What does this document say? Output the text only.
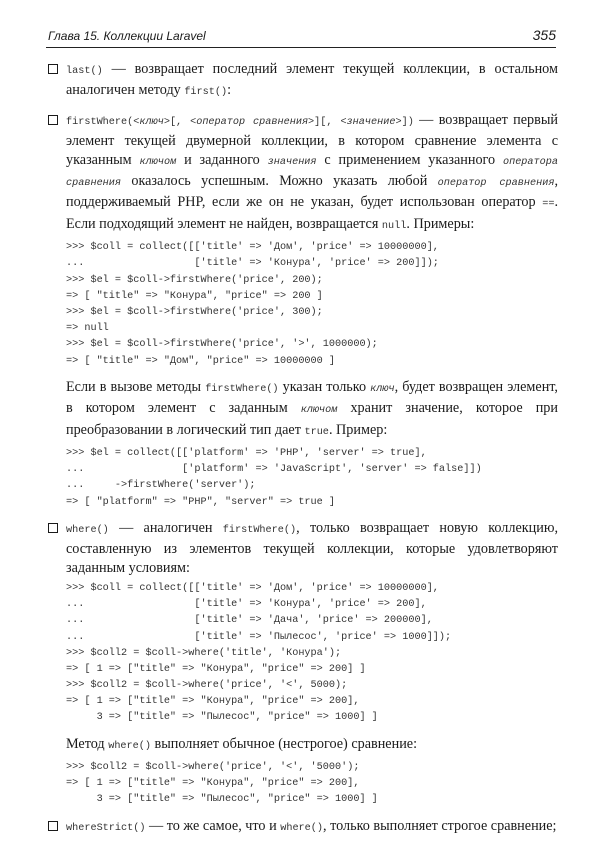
Глава 15. Коллекции Laravel	355
last() — возвращает последний элемент текущей коллекции, в остальном аналогичен методу first():
firstWhere(<ключ>[, <оператор сравнения>][, <значение>]) — возвращает первый элемент текущей двумерной коллекции, в котором сравнение элемента с указанным ключом и заданного значения с применением указанного оператора сравнения оказалось успешным. Можно указать любой оператор сравнения, поддерживаемый PHP, если же он не указан, будет использован оператор ==. Если подходящий элемент не найден, возвращается null. Примеры:
>>> $coll = collect([['title' => 'Дом', 'price' => 10000000],
...                  ['title' => 'Конура', 'price' => 200]]);
>>> $el = $coll->firstWhere('price', 200);
=> [ "title" => "Конура", "price" => 200 ]
>>> $el = $coll->firstWhere('price', 300);
=> null
>>> $el = $coll->firstWhere('price', '>', 1000000);
=> [ "title" => "Дом", "price" => 10000000 ]
Если в вызове методы firstWhere() указан только ключ, будет возвращен элемент, в котором элемент с заданным ключом хранит значение, которое при преобразовании в логический тип дает true. Пример:
>>> $el = collect([['platform' => 'PHP', 'server' => true],
...                ['platform' => 'JavaScript', 'server' => false]])
...     ->firstWhere('server');
=> [ "platform" => "PHP", "server" => true ]
where() — аналогичен firstWhere(), только возвращает новую коллекцию, составленную из элементов текущей коллекции, которые удовлетворяют заданным условиям:
>>> $coll = collect([['title' => 'Дом', 'price' => 10000000],
...                  ['title' => 'Конура', 'price' => 200],
...                  ['title' => 'Дача', 'price' => 200000],
...                  ['title' => 'Пылесос', 'price' => 1000]]);
>>> $coll2 = $coll->where('title', 'Конура');
=> [ 1 => ["title" => "Конура", "price" => 200] ]
>>> $coll2 = $coll->where('price', '<', 5000);
=> [ 1 => ["title" => "Конура", "price" => 200],
3 => ["title" => "Пылесос", "price" => 1000] ]
Метод where() выполняет обычное (нестрогое) сравнение:
>>> $coll2 = $coll->where('price', '<', '5000');
=> [ 1 => ["title" => "Конура", "price" => 200],
3 => ["title" => "Пылесос", "price" => 1000] ]
whereStrict() — то же самое, что и where(), только выполняет строгое сравнение;
